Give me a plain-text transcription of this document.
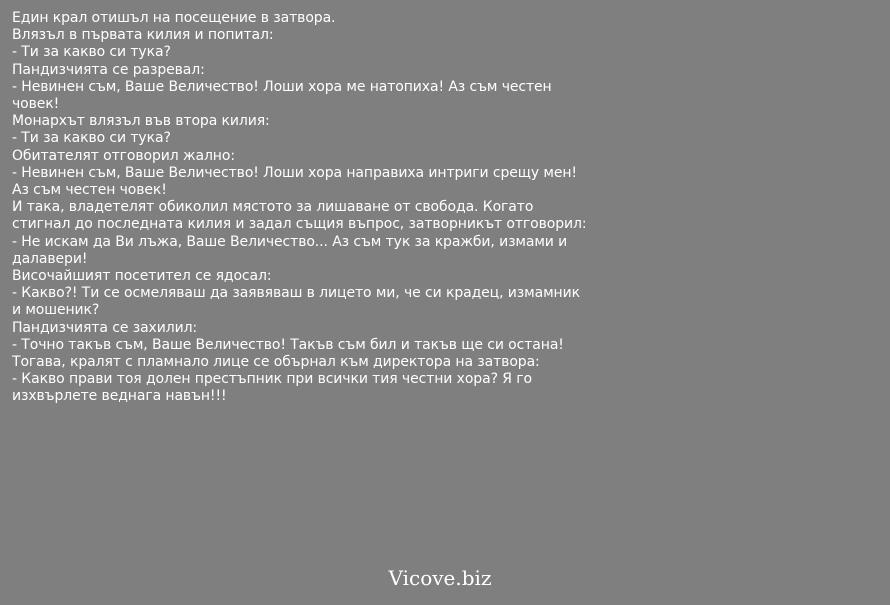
Един крал отишъл на посещение в затвора.
Влязъл в първата килия и попитал:
- Ти за какво си тука?
Пандизчията се разревал:
- Невинен съм, Ваше Величество! Лоши хора ме натопиха! Аз съм честен човек!
Монархът влязъл във втора килия:
- Ти за какво си тука?
Обитателят отговорил жално:
- Невинен съм, Ваше Величество! Лоши хора направиха интриги срещу мен!
Аз съм честен човек!
И така, владетелят обиколил мястото за лишаване от свобода. Когато стигнал до последната килия и задал същия въпрос, затворникът отговорил:
- Не искам да Ви лъжа, Ваше Величество... Аз съм тук за кражби, измами и далавери!
Височайшият посетител се ядосал:
- Какво?! Ти се осмеляваш да заявяваш в лицето ми, че си крадец, измамник и мошеник?
Пандизчията се захилил:
- Точно такъв съм, Ваше Величество! Такъв съм бил и такъв ще си остана!
Тогава, кралят с пламнало лице се обърнал към директора на затвора:
- Какво прави тоя долен престъпник при всички тия честни хора? Я го изхвърлете веднага навън!!!
Vicove.biz
